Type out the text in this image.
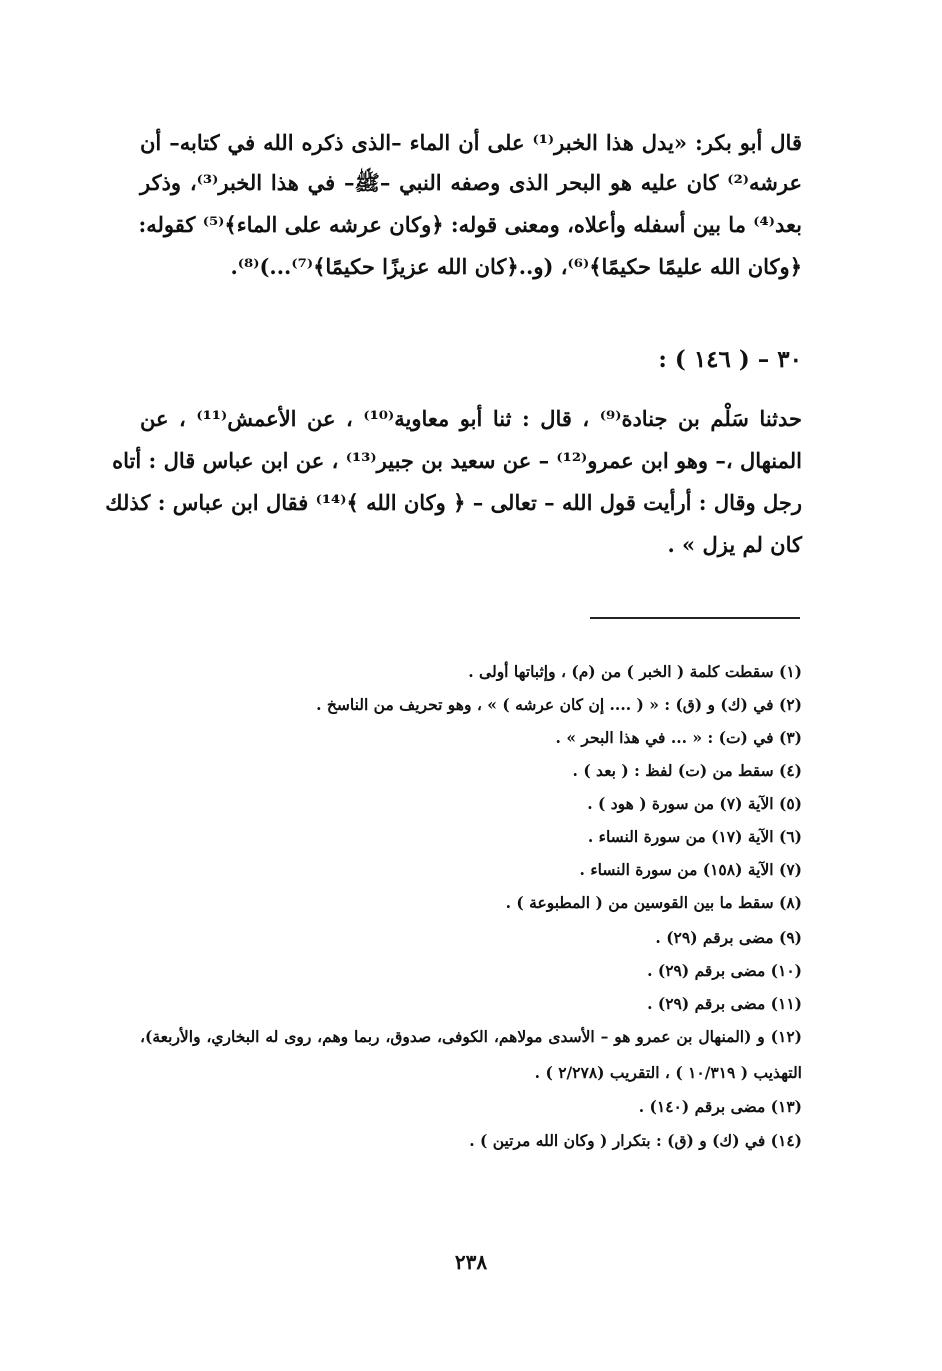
قال أبو بكر: «يدل هذا الخبر⁽¹⁾ على أن الماء –الذى ذكره الله في كتابه– أن
عرشه⁽²⁾ كان عليه هو البحر الذى وصفه النبي –ﷺ– في هذا الخبر⁽³⁾، وذكر
بعد⁽⁴⁾ ما بين أسفله وأعلاه، ومعنى قوله: ﴿وكان عرشه على الماء﴾⁽⁵⁾ كقوله:
﴿وكان الله عليمًا حكيمًا﴾⁽⁶⁾، (و..﴿كان الله عزيزًا حكيمًا﴾⁽⁷⁾...)⁽⁸⁾.
٣٠ – ( ١٤٦ ) :
حدثنا سَلْم بن جنادة⁽⁹⁾ ، قال : ثنا أبو معاوية⁽¹⁰⁾ ، عن الأعمش⁽¹¹⁾ ، عن
المنهال ،– وهو ابن عمرو⁽¹²⁾ – عن سعيد بن جبير⁽¹³⁾ ، عن ابن عباس قال : أتاه
رجل وقال : أرأيت قول الله – تعالى – ﴿ وكان الله ﴾⁽¹⁴⁾ فقال ابن عباس : كذلك
كان لم يزل » .
(١) سقطت كلمة ( الخبر ) من (م) ، وإثباتها أولى .
(٢) في (ك) و (ق) : « ( .... إن كان عرشه ) » ، وهو تحريف من الناسخ .
(٣) في (ت) : « ... في هذا البحر » .
(٤) سقط من (ت) لفظ : ( بعد ) .
(٥) الآية (٧) من سورة ( هود ) .
(٦) الآية (١٧) من سورة النساء .
(٧) الآية (١٥٨) من سورة النساء .
(٨) سقط ما بين القوسين من ( المطبوعة ) .
(٩) مضى برقم (٢٩) .
(١٠) مضى برقم (٢٩) .
(١١) مضى برقم (٢٩) .
(١٢) و (المنهال بن عمرو هو – الأسدى مولاهم، الكوفى، صدوق، ربما وهم، روى له البخاري، والأربعة)،
التهذيب ( ١٠/٣١٩ ) ، التقريب (٢/٢٧٨ ) .
(١٣) مضى برقم (١٤٠) .
(١٤) في (ك) و (ق) : بتكرار ( وكان الله مرتين ) .
٢٣٨
